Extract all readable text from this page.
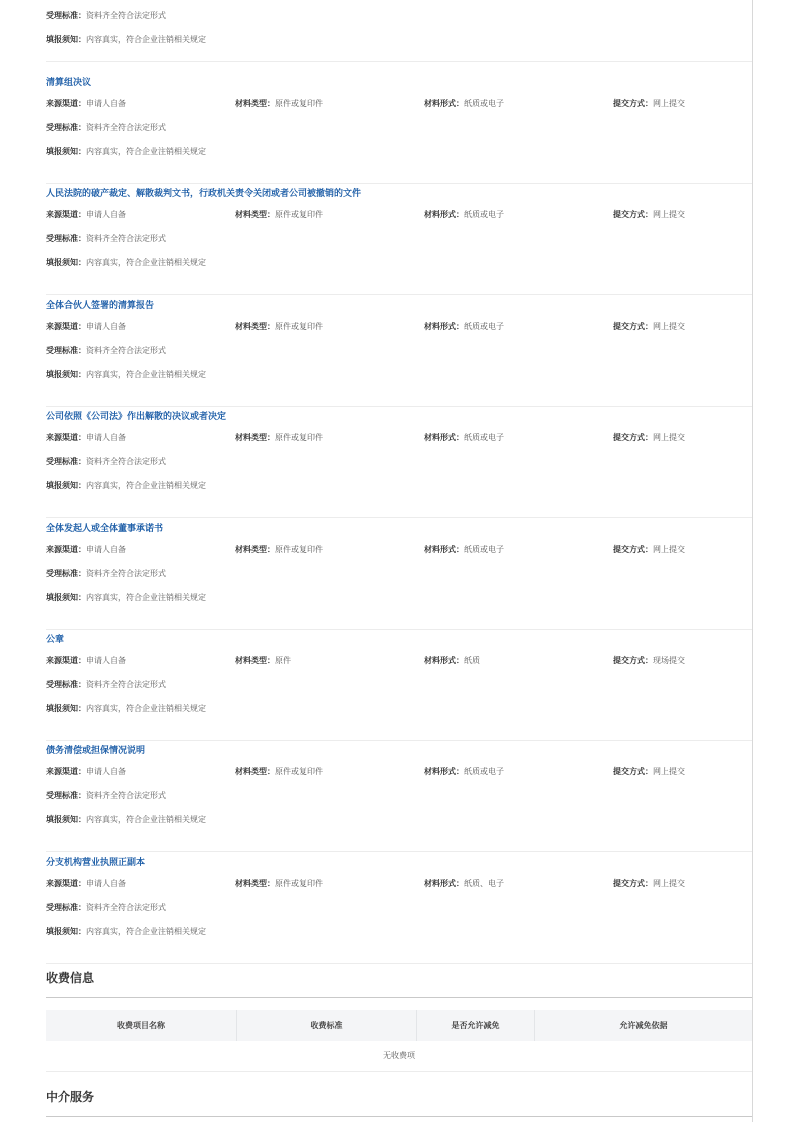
受理标准：资料齐全符合法定形式
填报须知：内容真实，符合企业注销相关规定
清算组决议
来源渠道：申请人自备	材料类型：原件或复印件	材料形式：纸质或电子	提交方式：网上提交
受理标准：资料齐全符合法定形式
填报须知：内容真实，符合企业注销相关规定
人民法院的破产裁定、解散裁判文书，行政机关责令关闭或者公司被撤销的文件
来源渠道：申请人自备	材料类型：原件或复印件	材料形式：纸质或电子	提交方式：网上提交
受理标准：资料齐全符合法定形式
填报须知：内容真实，符合企业注销相关规定
全体合伙人签署的清算报告
来源渠道：申请人自备	材料类型：原件或复印件	材料形式：纸质或电子	提交方式：网上提交
受理标准：资料齐全符合法定形式
填报须知：内容真实，符合企业注销相关规定
公司依照《公司法》作出解散的决议或者决定
来源渠道：申请人自备	材料类型：原件或复印件	材料形式：纸质或电子	提交方式：网上提交
受理标准：资料齐全符合法定形式
填报须知：内容真实，符合企业注销相关规定
全体发起人或全体董事承诺书
来源渠道：申请人自备	材料类型：原件或复印件	材料形式：纸质或电子	提交方式：网上提交
受理标准：资料齐全符合法定形式
填报须知：内容真实，符合企业注销相关规定
公章
来源渠道：申请人自备	材料类型：原件	材料形式：纸质	提交方式：现场提交
受理标准：资料齐全符合法定形式
填报须知：内容真实，符合企业注销相关规定
债务清偿或担保情况说明
来源渠道：申请人自备	材料类型：原件或复印件	材料形式：纸质或电子	提交方式：网上提交
受理标准：资料齐全符合法定形式
填报须知：内容真实，符合企业注销相关规定
分支机构营业执照正副本
来源渠道：申请人自备	材料类型：原件或复印件	材料形式：纸质、电子	提交方式：网上提交
受理标准：资料齐全符合法定形式
填报须知：内容真实，符合企业注销相关规定
收费信息
收费项目名称	收费标准	是否允许减免	允许减免依据
无收费项
中介服务
